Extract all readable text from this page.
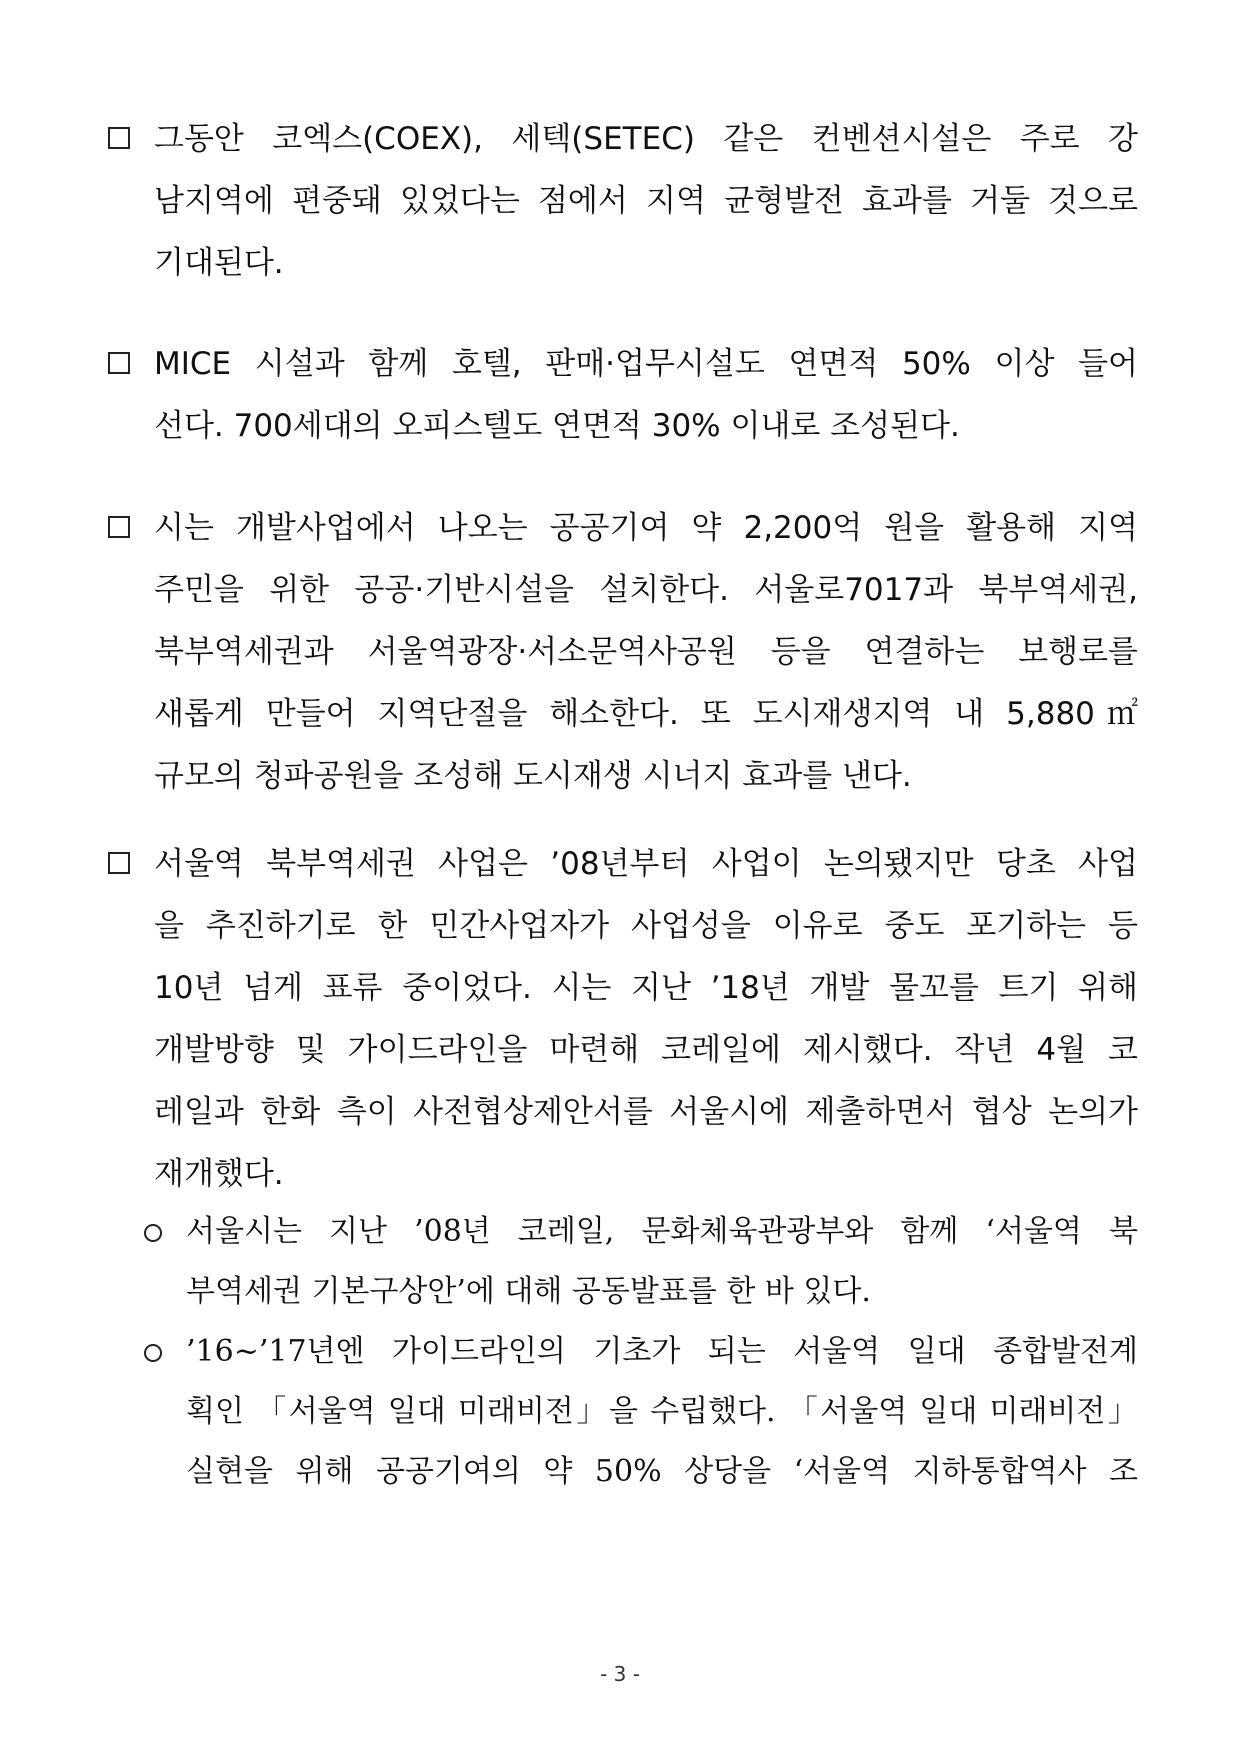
그동안 코엑스(COEX), 세텍(SETEC) 같은 컨벤션시설은 주로 강
남지역에 편중돼 있었다는 점에서 지역 균형발전 효과를 거둘 것으로
기대된다.
MICE 시설과 함께 호텔, 판매·업무시설도 연면적 50% 이상 들어
선다. 700세대의 오피스텔도 연면적 30% 이내로 조성된다.
시는 개발사업에서 나오는 공공기여 약 2,200억 원을 활용해 지역
주민을 위한 공공·기반시설을 설치한다. 서울로7017과 북부역세권,
북부역세권과 서울역광장·서소문역사공원 등을 연결하는 보행로를
새롭게 만들어 지역단절을 해소한다. 또 도시재생지역 내 5,880㎡
규모의 청파공원을 조성해 도시재생 시너지 효과를 낸다.
서울역 북부역세권 사업은 ’08년부터 사업이 논의됐지만 당초 사업
을 추진하기로 한 민간사업자가 사업성을 이유로 중도 포기하는 등
10년 넘게 표류 중이었다. 시는 지난 ’18년 개발 물꼬를 트기 위해
개발방향 및 가이드라인을 마련해 코레일에 제시했다. 작년 4월 코
레일과 한화 측이 사전협상제안서를 서울시에 제출하면서 협상 논의가
재개했다.
서울시는 지난 ’08년 코레일, 문화체육관광부와 함께 ‘서울역 북
부역세권 기본구상안’에 대해 공동발표를 한 바 있다.
’16~’17년엔 가이드라인의 기초가 되는 서울역 일대 종합발전계
획인 「서울역 일대 미래비전」을 수립했다. 「서울역 일대 미래비전」
실현을 위해 공공기여의 약 50% 상당을 ‘서울역 지하통합역사 조
- 3 -
